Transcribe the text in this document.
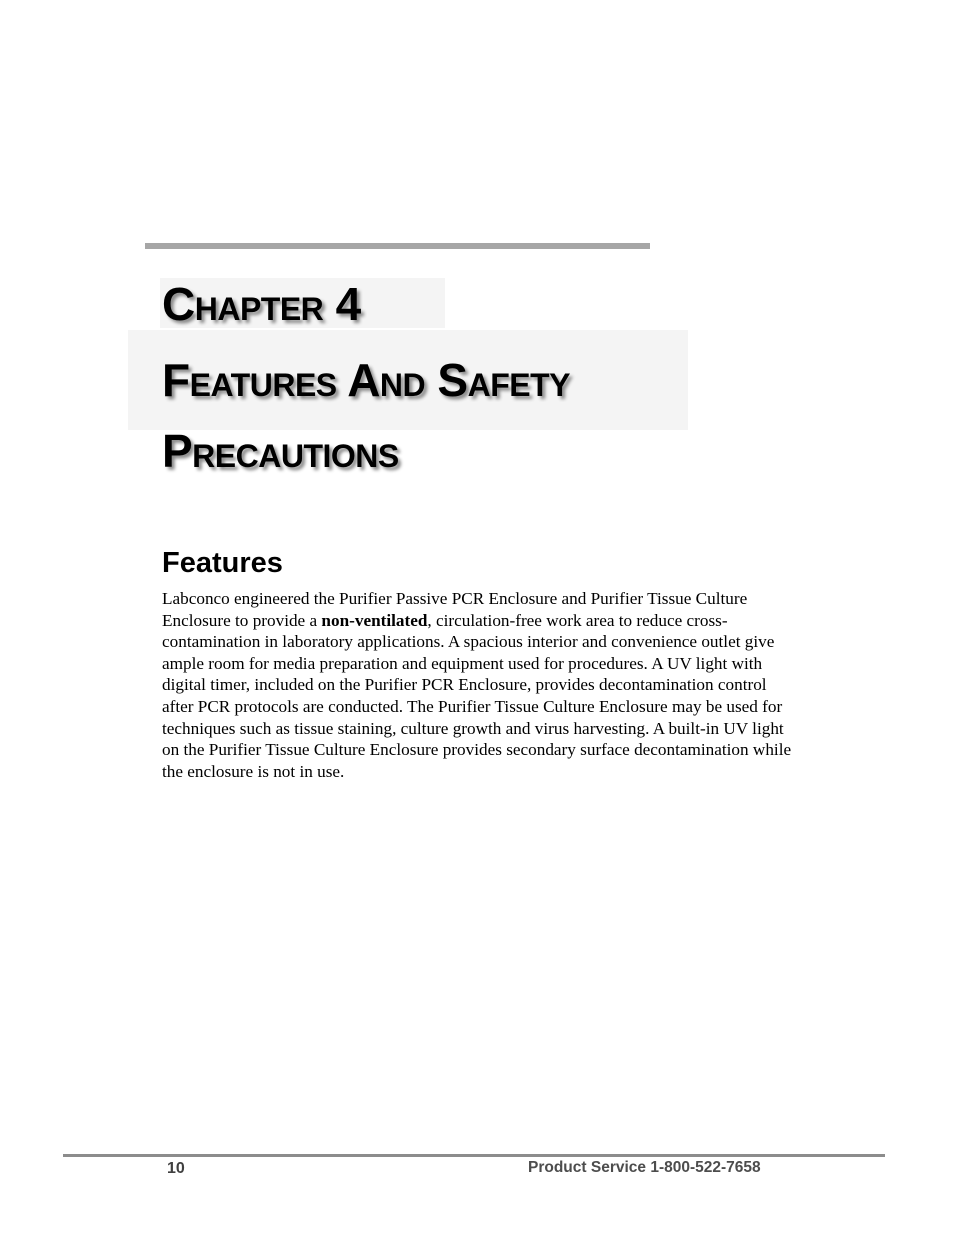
Chapter 4
Features And Safety
Precautions
Features

Labconco engineered the Purifier Passive PCR Enclosure and Purifier Tissue Culture Enclosure to provide a non-ventilated, circulation-free work area to reduce cross-contamination in laboratory applications. A spacious interior and convenience outlet give ample room for media preparation and equipment used for procedures. A UV light with digital timer, included on the Purifier PCR Enclosure, provides decontamination control after PCR protocols are conducted. The Purifier Tissue Culture Enclosure may be used for techniques such as tissue staining, culture growth and virus harvesting. A built-in UV light on the Purifier Tissue Culture Enclosure provides secondary surface decontamination while the enclosure is not in use.

10	Product Service 1-800-522-7658
